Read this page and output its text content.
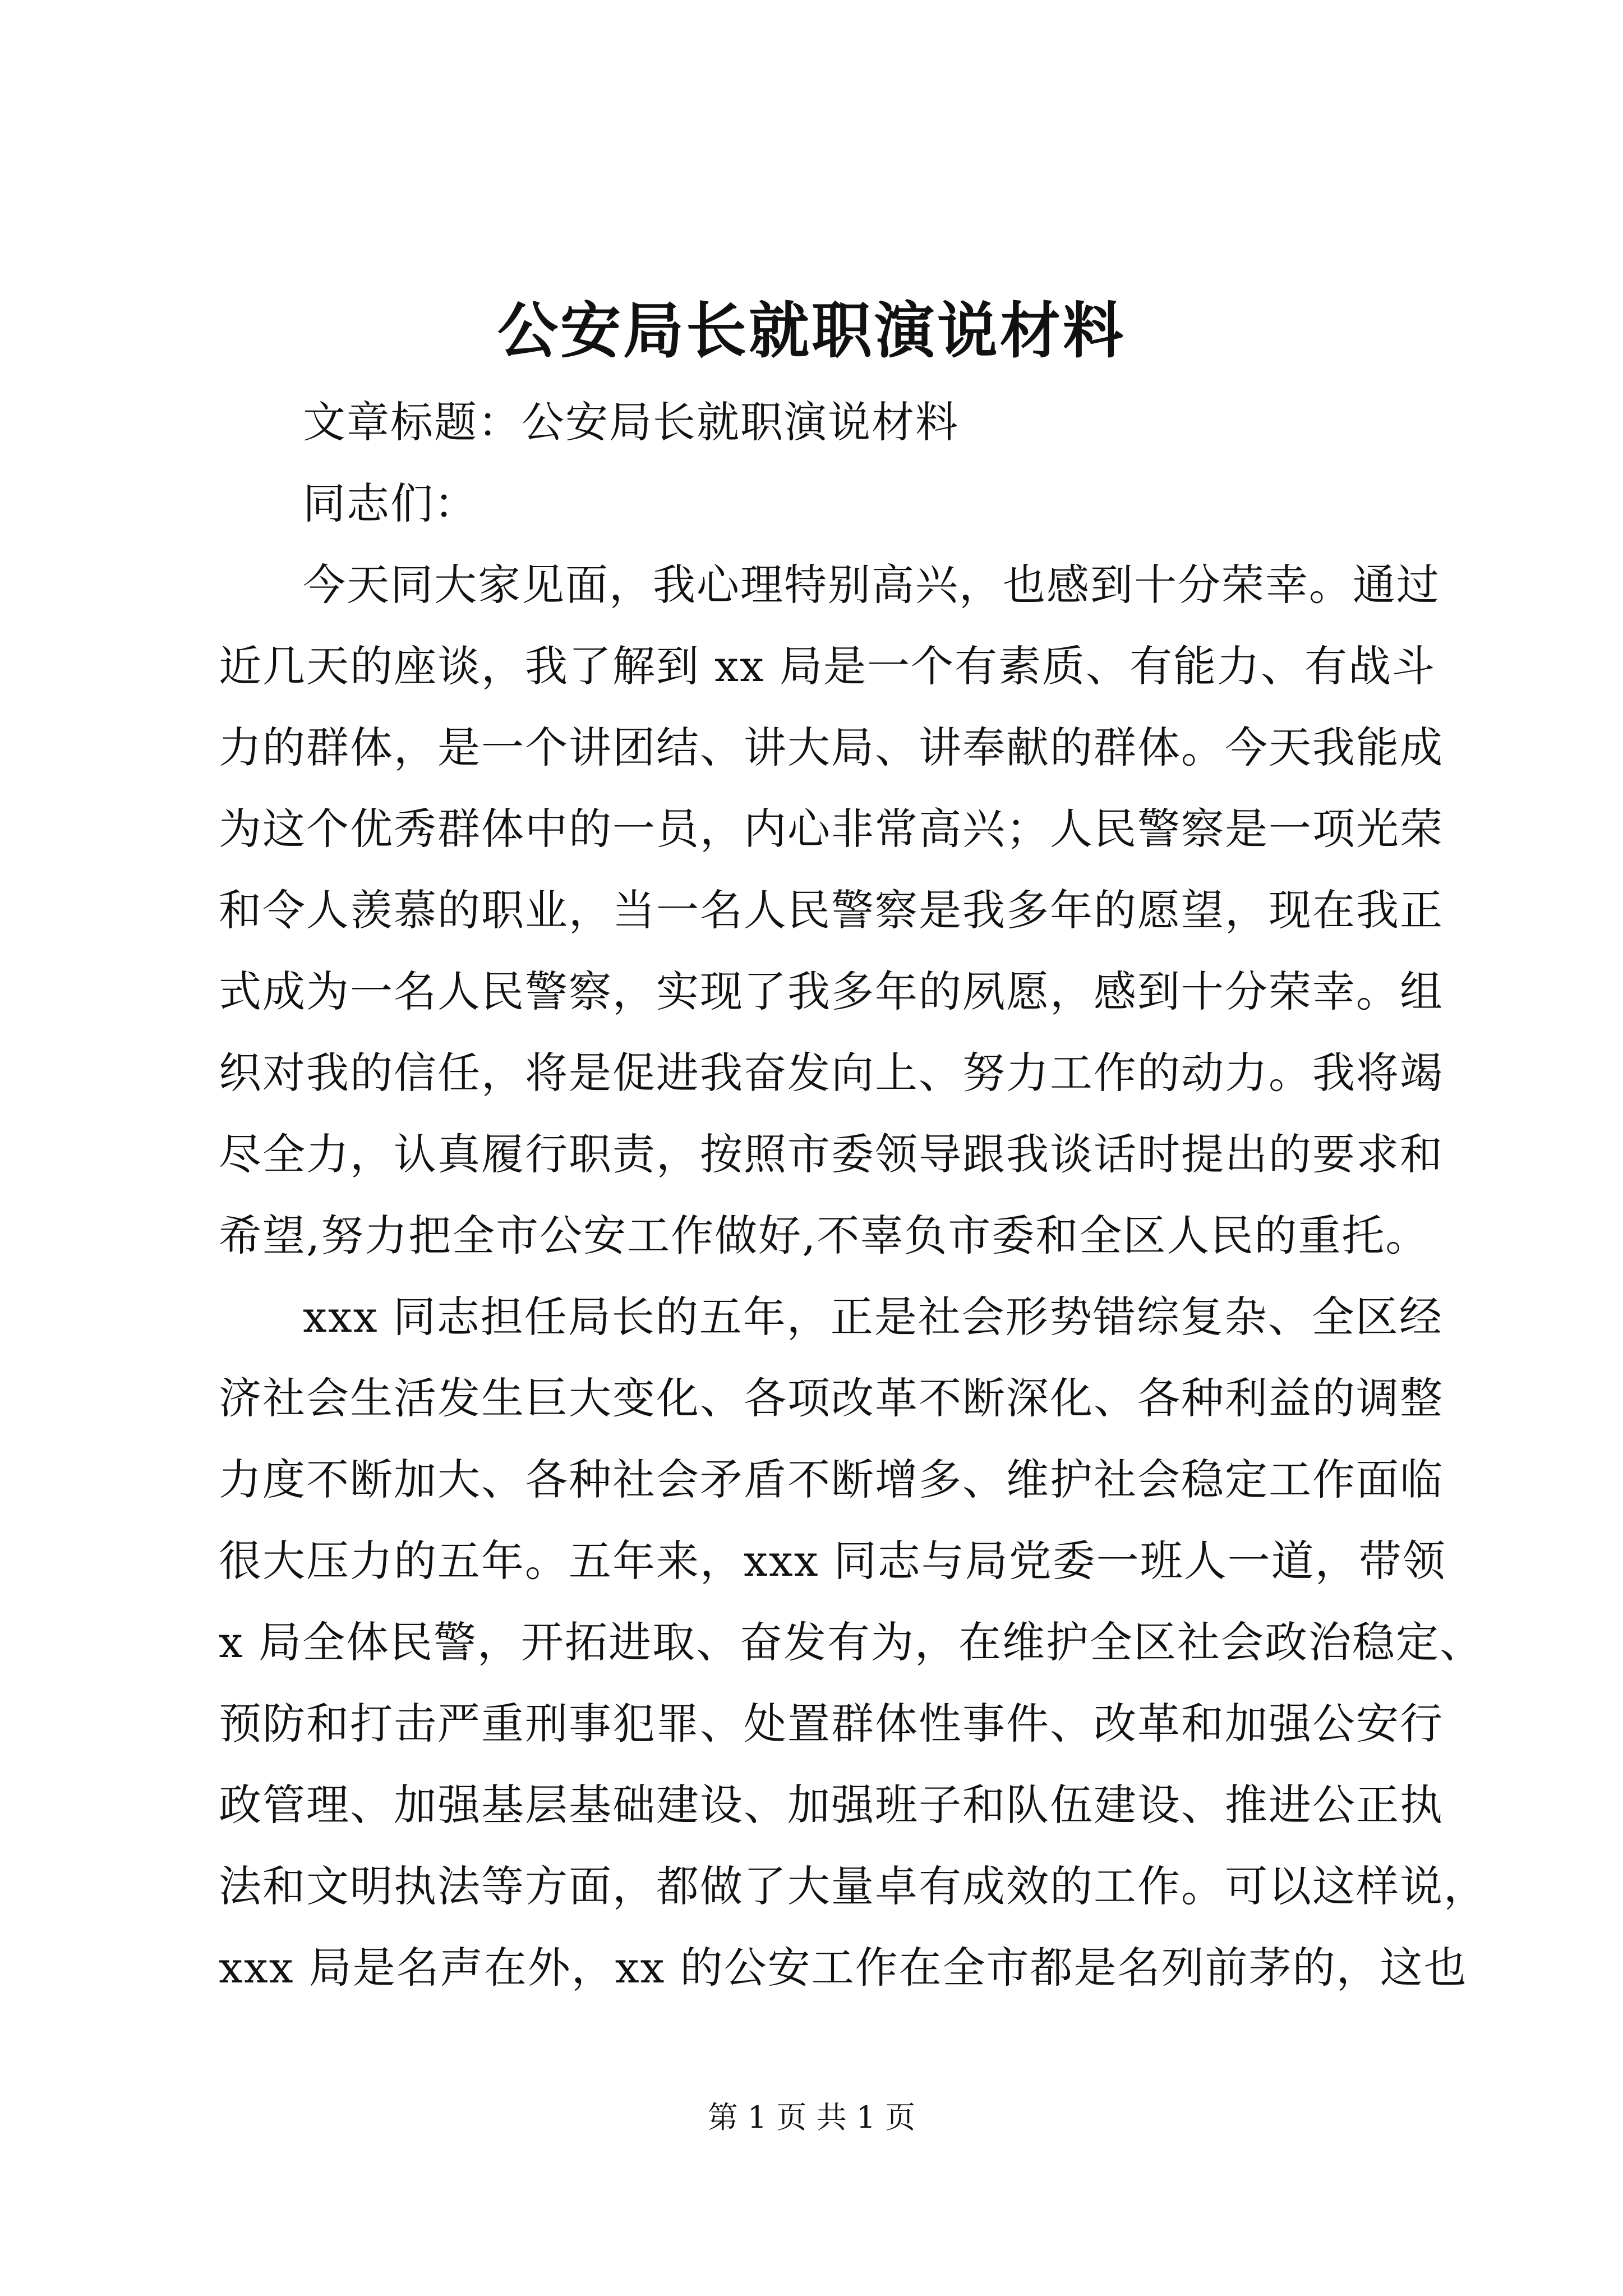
公安局长就职演说材料
文章标题：公安局长就职演说材料
同志们：
今天同大家见面，我心理特别高兴，也感到十分荣幸。通过
近几天的座谈，我了解到 xx 局是一个有素质、有能力、有战斗
力的群体，是一个讲团结、讲大局、讲奉献的群体。今天我能成
为这个优秀群体中的一员，内心非常高兴；人民警察是一项光荣
和令人羡慕的职业，当一名人民警察是我多年的愿望，现在我正
式成为一名人民警察，实现了我多年的夙愿，感到十分荣幸。组
织对我的信任，将是促进我奋发向上、努力工作的动力。我将竭
尽全力，认真履行职责，按照市委领导跟我谈话时提出的要求和
希望,努力把全市公安工作做好,不辜负市委和全区人民的重托。
xxx 同志担任局长的五年，正是社会形势错综复杂、全区经
济社会生活发生巨大变化、各项改革不断深化、各种利益的调整
力度不断加大、各种社会矛盾不断增多、维护社会稳定工作面临
很大压力的五年。五年来，xxx 同志与局党委一班人一道，带领
x 局全体民警，开拓进取、奋发有为，在维护全区社会政治稳定、
预防和打击严重刑事犯罪、处置群体性事件、改革和加强公安行
政管理、加强基层基础建设、加强班子和队伍建设、推进公正执
法和文明执法等方面，都做了大量卓有成效的工作。可以这样说，
xxx 局是名声在外，xx 的公安工作在全市都是名列前茅的，这也
第 1 页 共 1 页
